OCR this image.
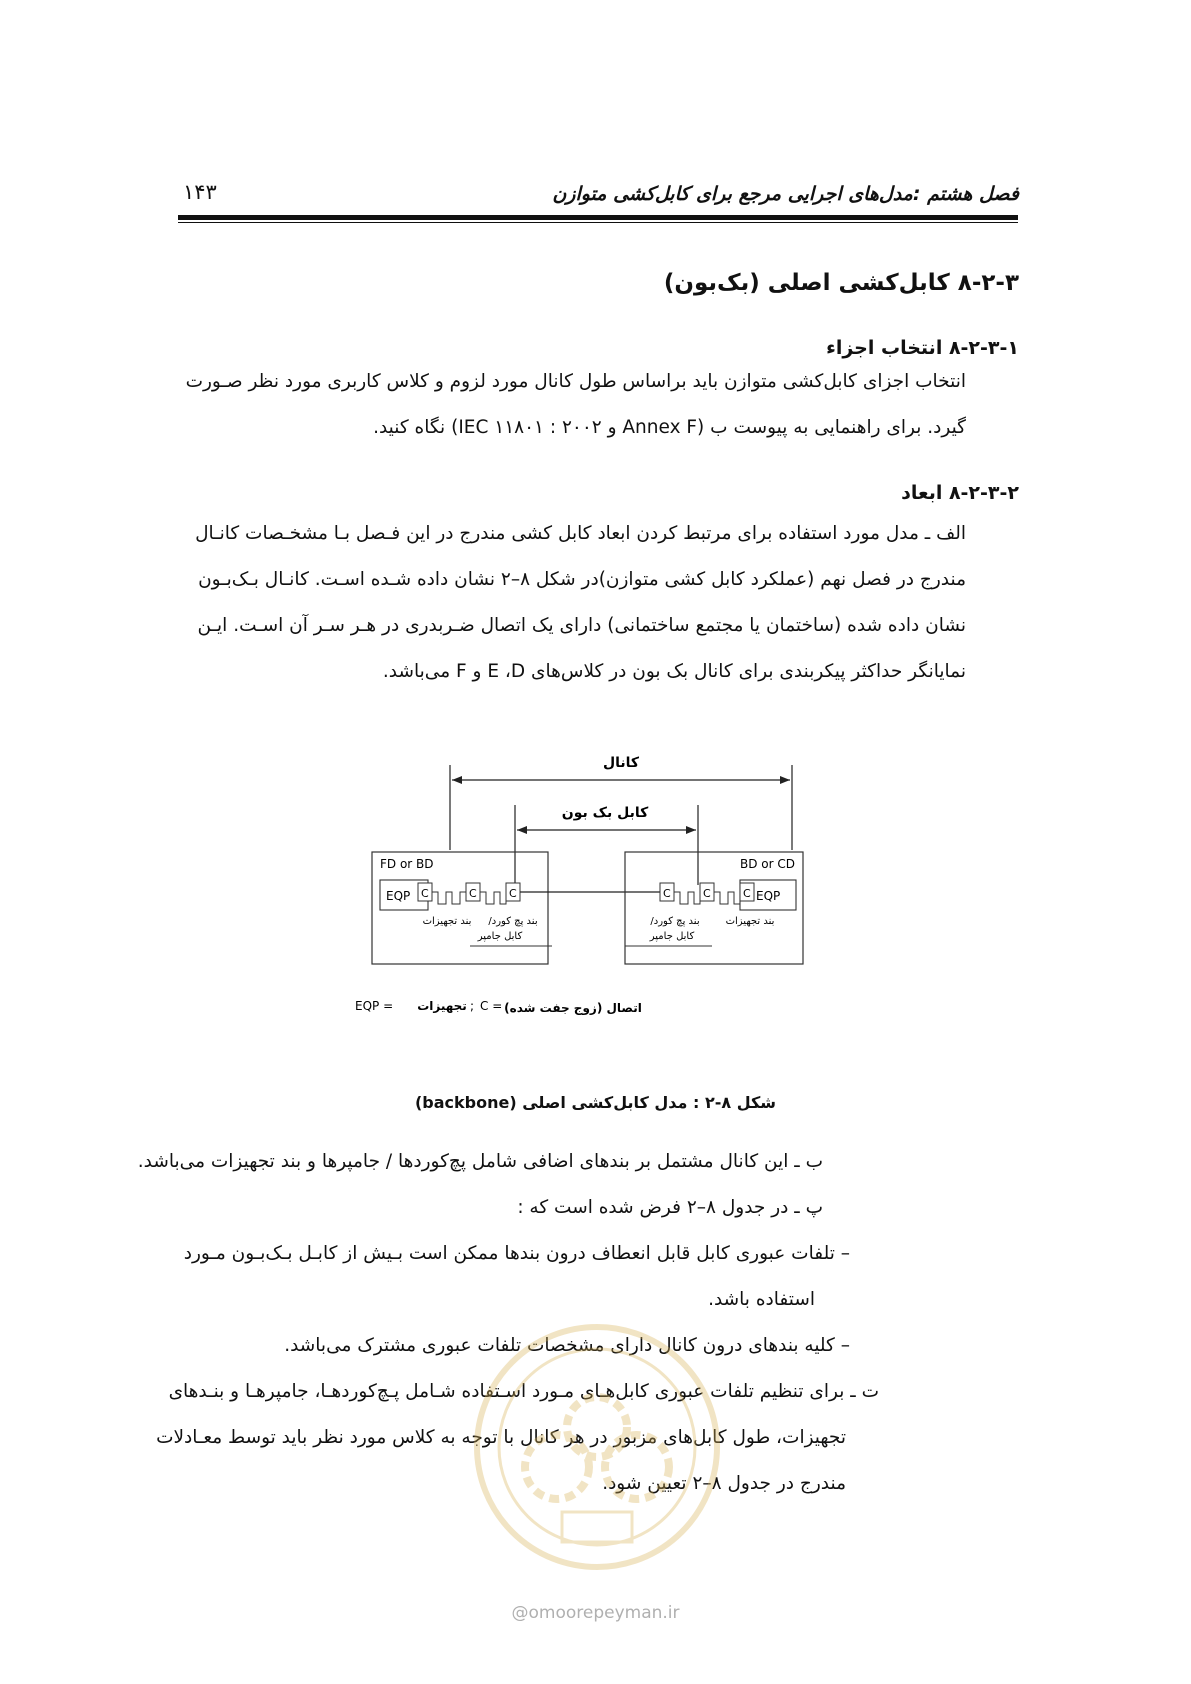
۱۴۳	فصل هشتم :مدل‌های اجرایی مرجع برای کابل‌کشی متوازن
۸-۲-۳ کابل‌کشی اصلی (بک‌بون)
۸-۲-۳-۱ انتخاب اجزاء
انتخاب اجزای کابل‌کشی متوازن باید براساس طول کانال مورد لزوم و کلاس کاربری مورد نظر صـورت
گیرد. برای راهنمایی به پیوست ب (Annex F و ۲۰۰۲ : ۱۱۸۰۱ IEC) نگاه کنید.
۸-۲-۳-۲ ابعاد
الف ـ مدل مورد استفاده برای مرتبط کردن ابعاد کابل کشی مندرج در این فـصل بـا مشخـصات کانـال
مندرج در فصل نهم (عملکرد کابل کشی متوازن)در شکل ۸–۲ نشان داده شـده اسـت. کانـال بـک‌بـون
نشان داده شده (ساختمان یا مجتمع ساختمانی) دارای یک اتصال ضـربدری در هـر سـر آن اسـت. ایـن
نمایانگر حداکثر پیکربندی برای کانال بک بون در کلاس‌های E ،D و F می‌باشد.
کانال
کابل بک بون
FD or BD
EQP C	C	C
بند تجهیزات بند پچ کورد/
کابل جامپر
BD or CD
C	C	C EQP
بند پچ کورد/	بند تجهیزات
کابل جامپر
EQP = تجهیزات ; C = اتصال (زوج جفت شده)
شکل ۸-۲ : مدل کابل‌کشی اصلی (backbone)
ب ـ این کانال مشتمل بر بندهای اضافی شامل پچ‌کوردها / جامپرها و بند تجهیزات می‌باشد.
پ ـ در جدول ۸–۲ فرض شده است که :
– تلفات عبوری کابل قابل انعطاف درون بندها ممکن است بـیش از کابـل بـک‌بـون مـورد
استفاده باشد.
– کلیه بندهای درون کانال دارای مشخصات تلفات عبوری مشترک می‌باشد.
ت ـ برای تنظیم تلفات عبوری کابل‌هـای مـورد اسـتفاده شـامل پـچ‌کوردهـا، جامپرهـا و بنـدهای
تجهیزات، طول کابل‌های مزبور در هر کانال با توجه به کلاس مورد نظر باید توسط معـادلات
مندرج در جدول ۸–۲ تعیین شود.
@omoorepeyman.ir
